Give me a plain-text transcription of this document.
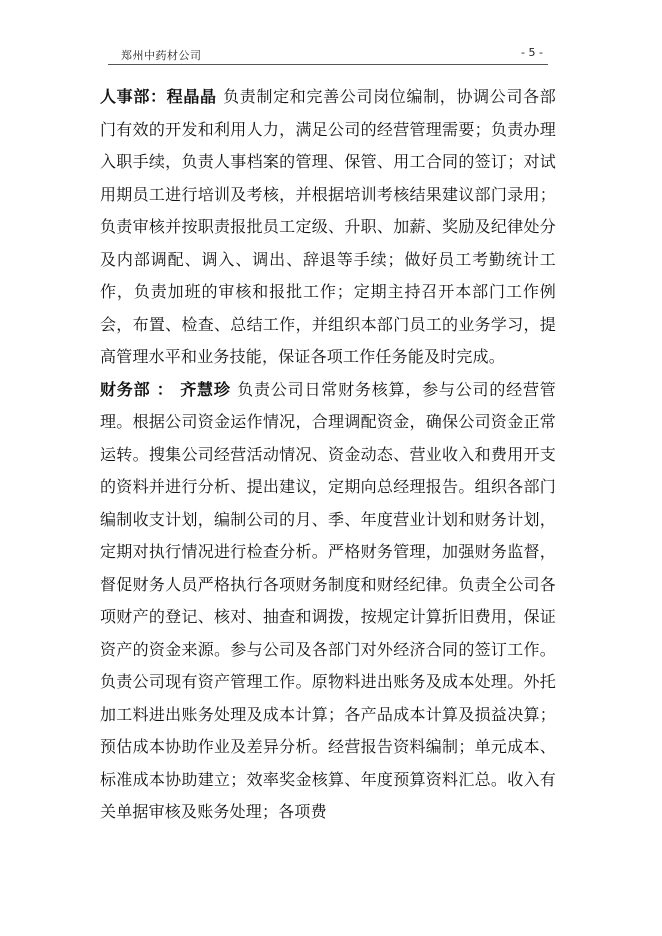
郑州中药材公司	- 5 -

人事部：程晶晶 负责制定和完善公司岗位编制，协调公司各部门有效的开发和利用人力，满足公司的经营管理需要；负责办理入职手续，负责人事档案的管理、保管、用工合同的签订；对试用期员工进行培训及考核，并根据培训考核结果建议部门录用；负责审核并按职责报批员工定级、升职、加薪、奖励及纪律处分及内部调配、调入、调出、辞退等手续；做好员工考勤统计工作，负责加班的审核和报批工作；定期主持召开本部门工作例会，布置、检查、总结工作，并组织本部门员工的业务学习，提高管理水平和业务技能，保证各项工作任务能及时完成。

财务部 ： 齐慧珍 负责公司日常财务核算，参与公司的经营管理。根据公司资金运作情况，合理调配资金，确保公司资金正常运转。搜集公司经营活动情况、资金动态、营业收入和费用开支的资料并进行分析、提出建议，定期向总经理报告。组织各部门编制收支计划，编制公司的月、季、年度营业计划和财务计划，定期对执行情况进行检查分析。严格财务管理，加强财务监督，督促财务人员严格执行各项财务制度和财经纪律。负责全公司各项财产的登记、核对、抽查和调拨，按规定计算折旧费用，保证资产的资金来源。参与公司及各部门对外经济合同的签订工作。负责公司现有资产管理工作。原物料进出账务及成本处理。外托加工料进出账务处理及成本计算；各产品成本计算及损益决算；预估成本协助作业及差异分析。经营报告资料编制；单元成本、标准成本协助建立；效率奖金核算、年度预算资料汇总。收入有关单据审核及账务处理；各项费
